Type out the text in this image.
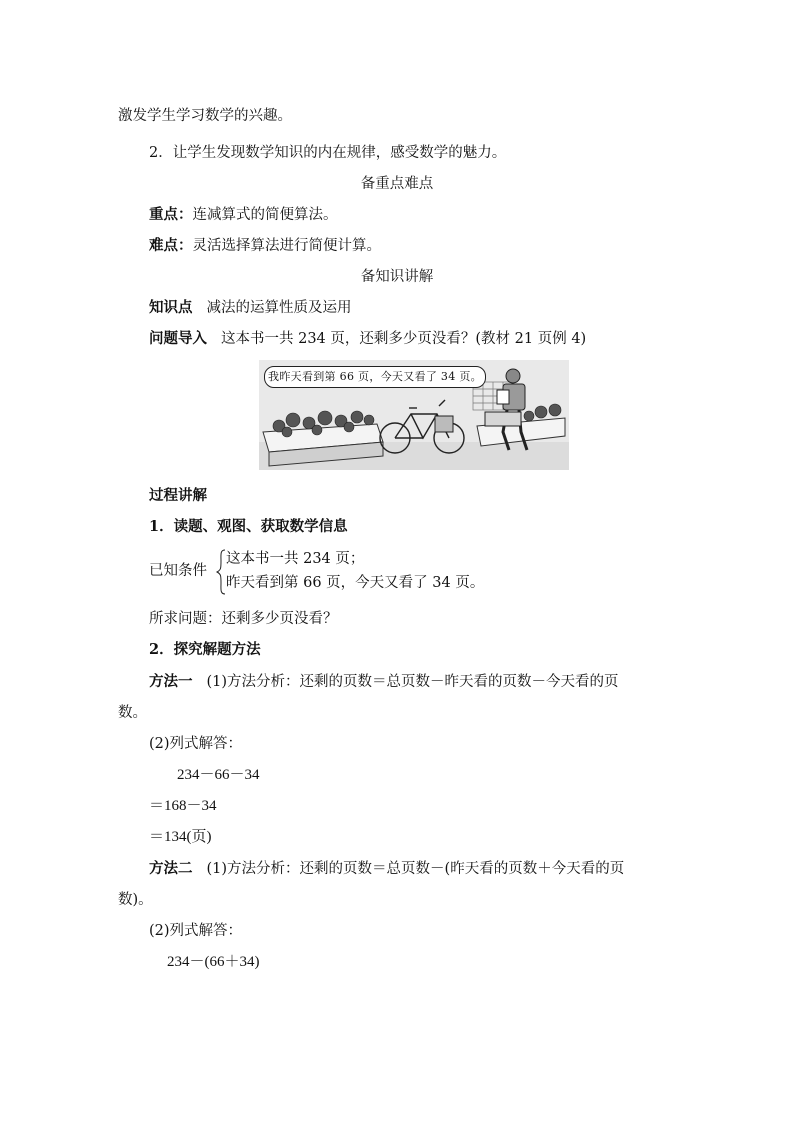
激发学生学习数学的兴趣。
2．让学生发现数学知识的内在规律，感受数学的魅力。
备重点难点
重点：连减算式的简便算法。
难点：灵活选择算法进行简便计算。
备知识讲解
知识点 减法的运算性质及运用
问题导入 这本书一共 234 页，还剩多少页没看？(教材 21 页例 4)
我昨天看到第 66 页，今天又看了 34 页。
过程讲解
1．读题、观图、获取数学信息
已知条件
这本书一共 234 页；
昨天看到第 66 页，今天又看了 34 页。
所求问题：还剩多少页没看？
2．探究解题方法
方法一 (1)方法分析：还剩的页数＝总页数－昨天看的页数－今天看的页
数。
(2)列式解答：
234－66－34
＝168－34
＝134(页)
方法二 (1)方法分析：还剩的页数＝总页数－(昨天看的页数＋今天看的页
数)。
(2)列式解答：
234－(66＋34)
